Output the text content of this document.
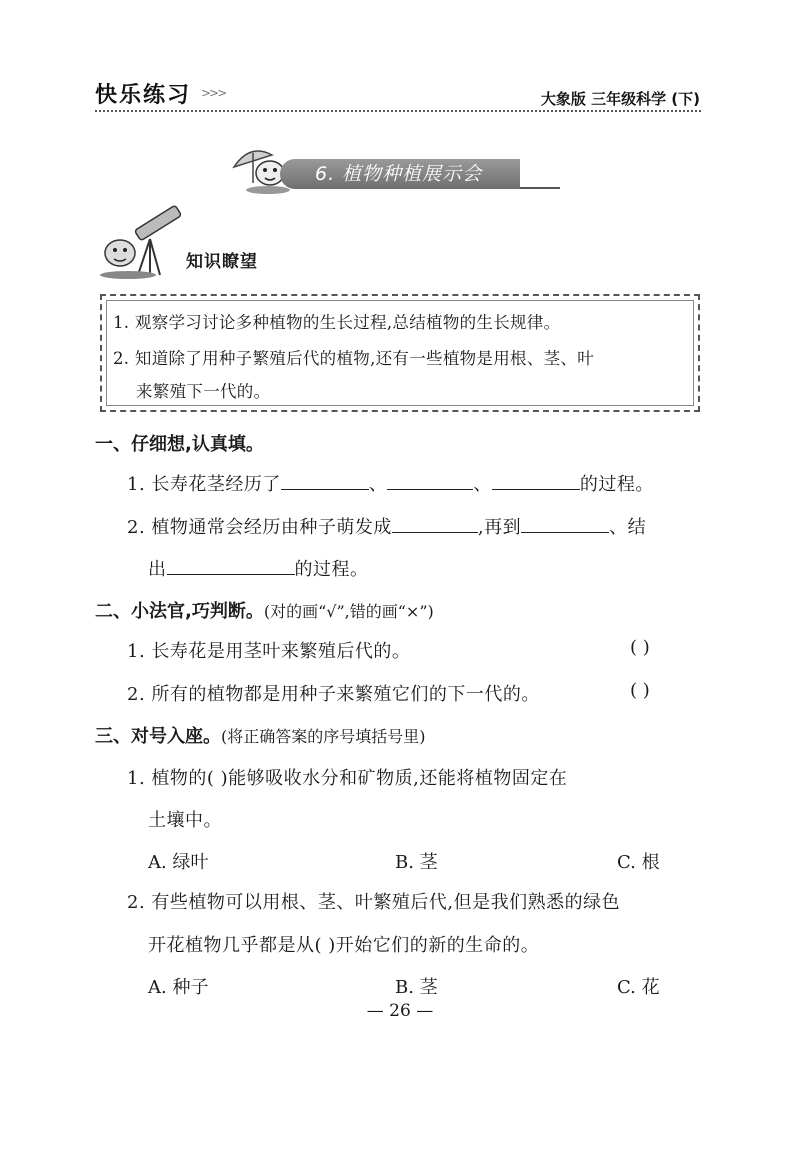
快乐练习 >>>	大象版 三年级科学 (下)
6. 植物种植展示会
知识瞭望
1. 观察学习讨论多种植物的生长过程,总结植物的生长规律。
2. 知道除了用种子繁殖后代的植物,还有一些植物是用根、茎、叶
来繁殖下一代的。
一、仔细想,认真填。
1. 长寿花茎经历了	、	、	的过程。
2. 植物通常会经历由种子萌发成	,再到	、结
出	的过程。
二、小法官,巧判断。(对的画“√”,错的画“×”)
1. 长寿花是用茎叶来繁殖后代的。	( )
2. 所有的植物都是用种子来繁殖它们的下一代的。	( )
三、对号入座。(将正确答案的序号填括号里)
1. 植物的( )能够吸收水分和矿物质,还能将植物固定在
土壤中。
A. 绿叶	B. 茎	C. 根
2. 有些植物可以用根、茎、叶繁殖后代,但是我们熟悉的绿色
开花植物几乎都是从( )开始它们的新的生命的。
A. 种子	B. 茎	C. 花
— 26 —
